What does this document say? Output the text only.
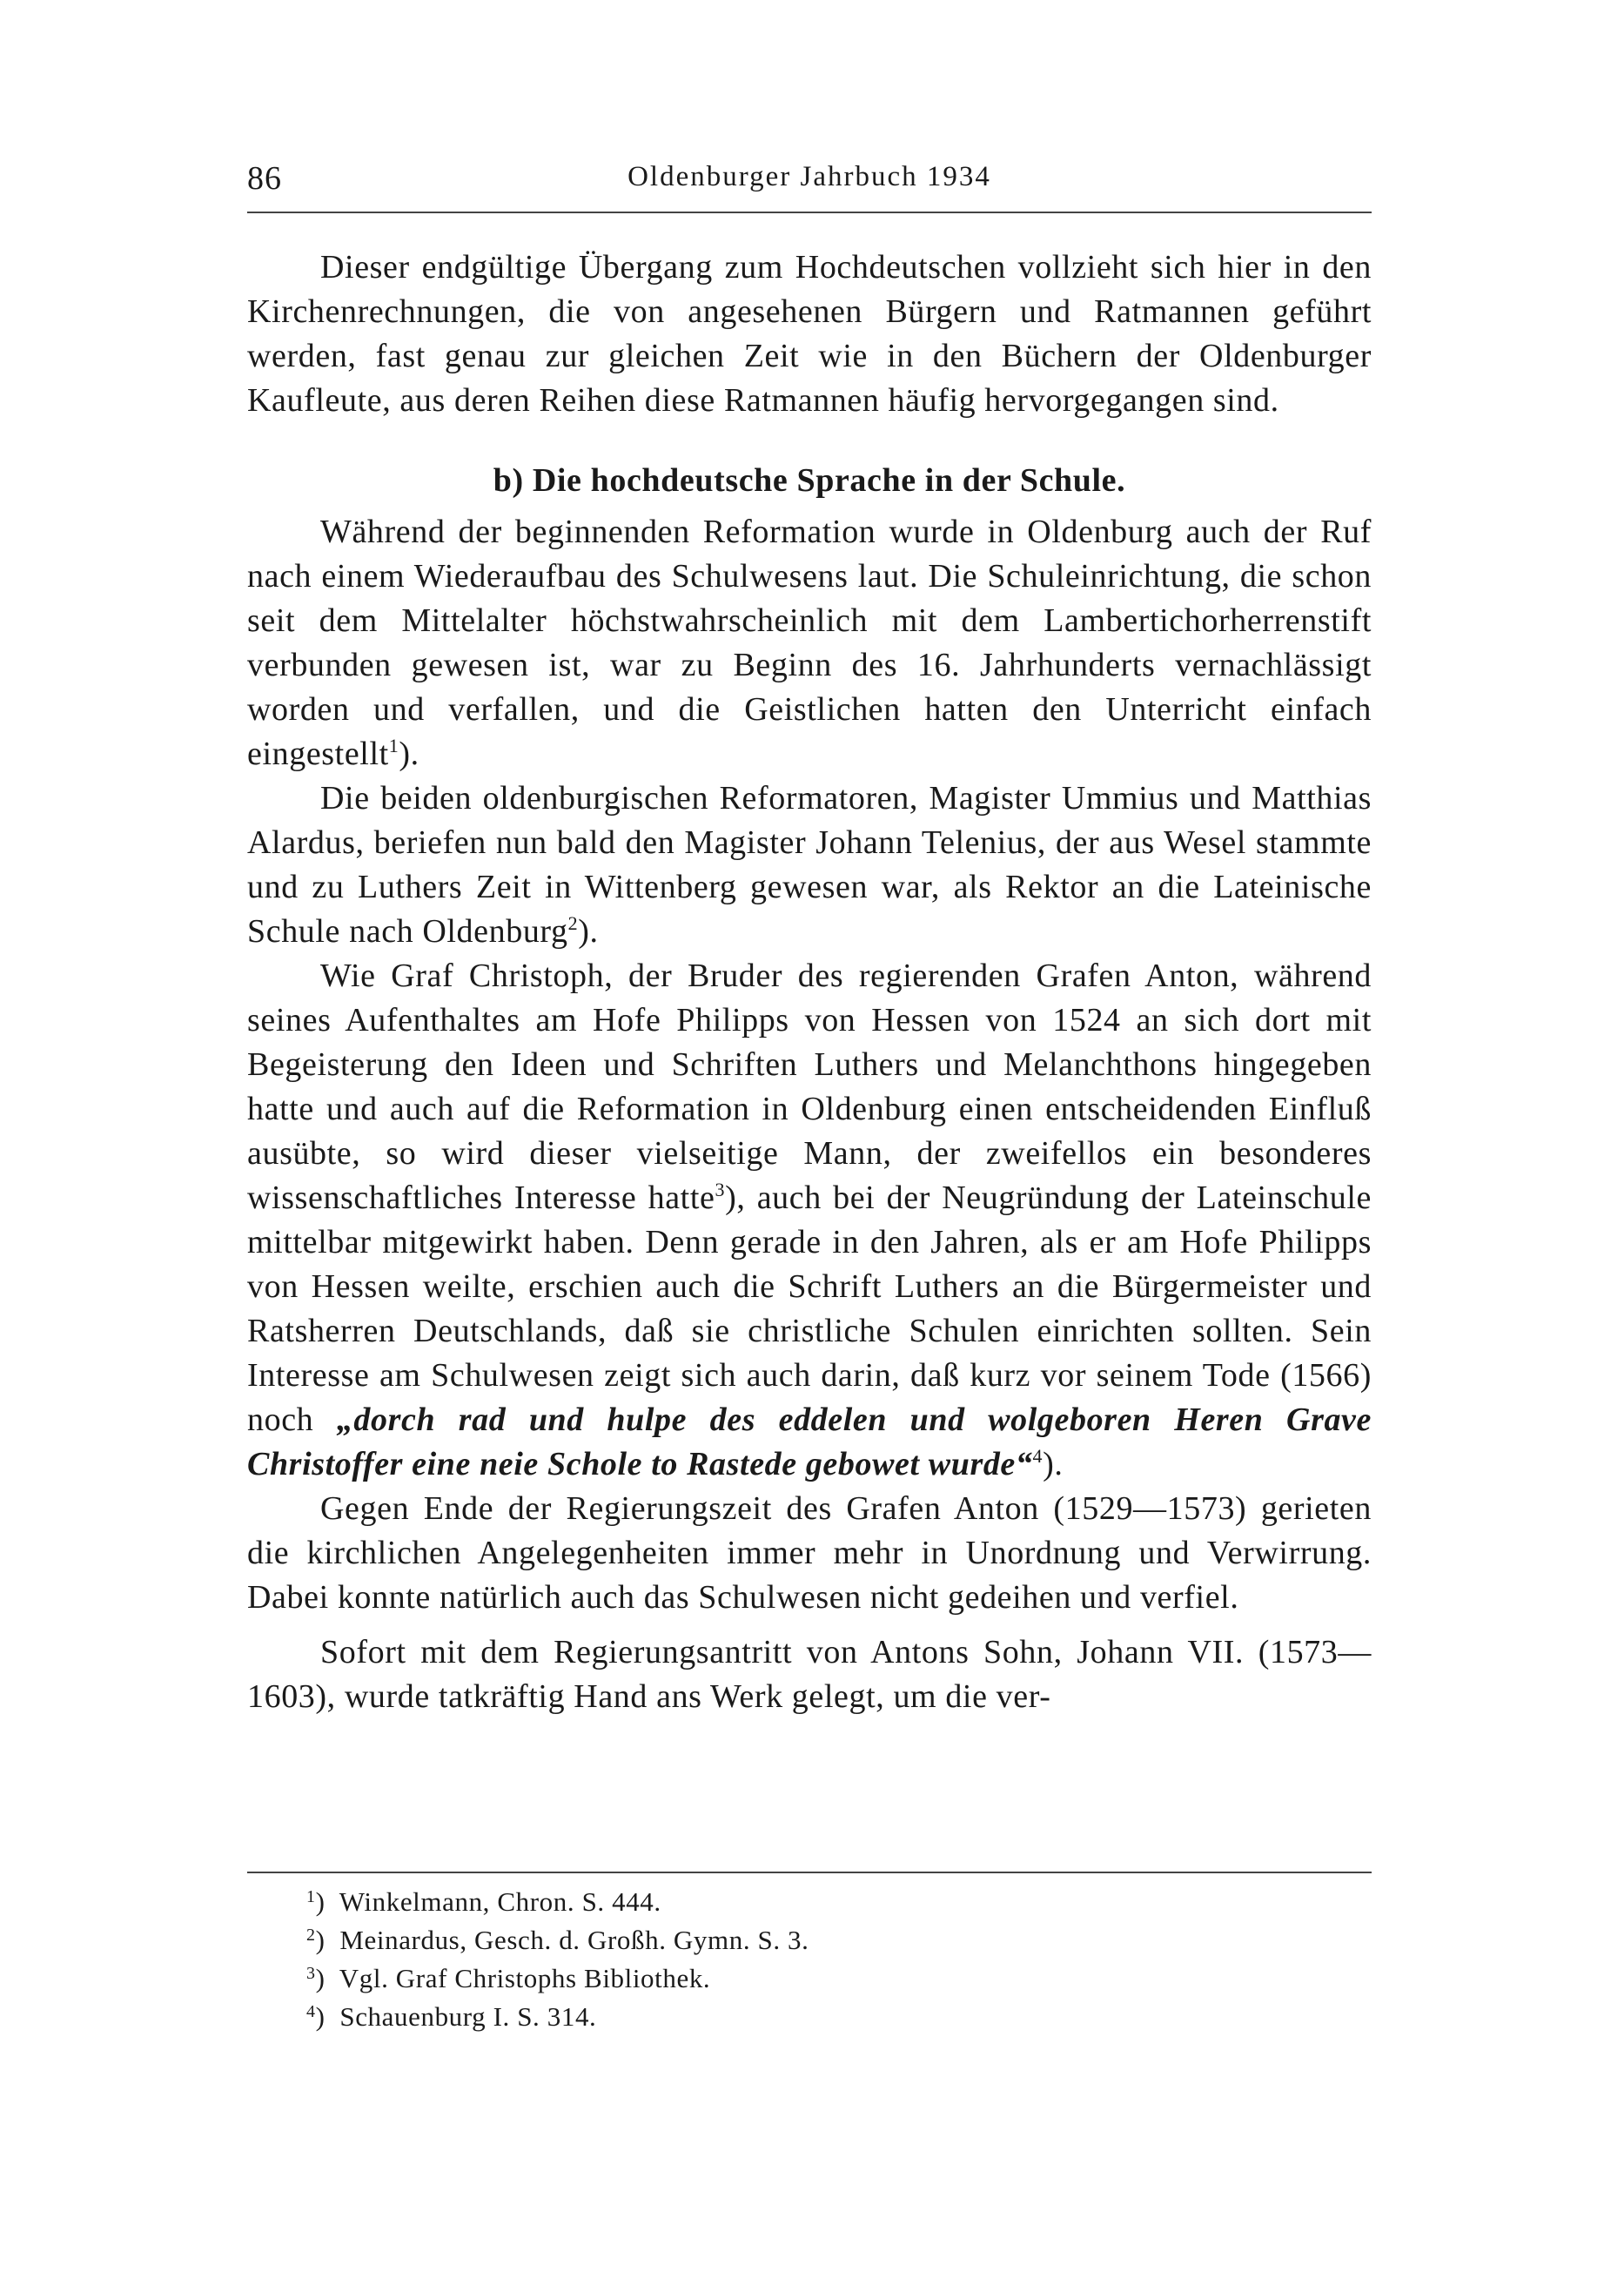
86	Oldenburger Jahrbuch 1934

Dieser endgültige Übergang zum Hochdeutschen vollzieht sich hier in den Kirchenrechnungen, die von angesehenen Bürgern und Ratmannen geführt werden, fast genau zur gleichen Zeit wie in den Büchern der Oldenburger Kaufleute, aus deren Reihen diese Ratmannen häufig hervorgegangen sind.

b) Die hochdeutsche Sprache in der Schule.

Während der beginnenden Reformation wurde in Oldenburg auch der Ruf nach einem Wiederaufbau des Schulwesens laut. Die Schuleinrichtung, die schon seit dem Mittelalter höchstwahrscheinlich mit dem Lambertichorherrenstift verbunden gewesen ist, war zu Beginn des 16. Jahrhunderts vernachlässigt worden und verfallen, und die Geistlichen hatten den Unterricht einfach eingestellt$^1$).

Die beiden oldenburgischen Reformatoren, Magister Ummius und Matthias Alardus, beriefen nun bald den Magister Johann Telenius, der aus Wesel stammte und zu Luthers Zeit in Wittenberg gewesen war, als Rektor an die Lateinische Schule nach Oldenburg$^2$).

Wie Graf Christoph, der Bruder des regierenden Grafen Anton, während seines Aufenthaltes am Hofe Philipps von Hessen von 1524 an sich dort mit Begeisterung den Ideen und Schriften Luthers und Melanchthons hingegeben hatte und auch auf die Reformation in Oldenburg einen entscheidenden Einfluß ausübte, so wird dieser vielseitige Mann, der zweifellos ein besonderes wissenschaftliches Interesse hatte$^3$), auch bei der Neugründung der Lateinschule mittelbar mitgewirkt haben. Denn gerade in den Jahren, als er am Hofe Philipps von Hessen weilte, erschien auch die Schrift Luthers an die Bürgermeister und Ratsherren Deutschlands, daß sie christliche Schulen einrichten sollten. Sein Interesse am Schulwesen zeigt sich auch darin, daß kurz vor seinem Tode (1566) noch „dorch rad und hulpe des eddelen und wolgeboren Heren Grave Christoffer eine neie Schole to Rastede gebowet wurde“$^4$).

Gegen Ende der Regierungszeit des Grafen Anton (1529—1573) gerieten die kirchlichen Angelegenheiten immer mehr in Unordnung und Verwirrung. Dabei konnte natürlich auch das Schulwesen nicht gedeihen und verfiel.

Sofort mit dem Regierungsantritt von Antons Sohn, Johann VII. (1573—1603), wurde tatkräftig Hand ans Werk gelegt, um die ver-

$^1$) Winkelmann, Chron. S. 444.
$^2$) Meinardus, Gesch. d. Großh. Gymn. S. 3.
$^3$) Vgl. Graf Christophs Bibliothek.
$^4$) Schauenburg I. S. 314.
